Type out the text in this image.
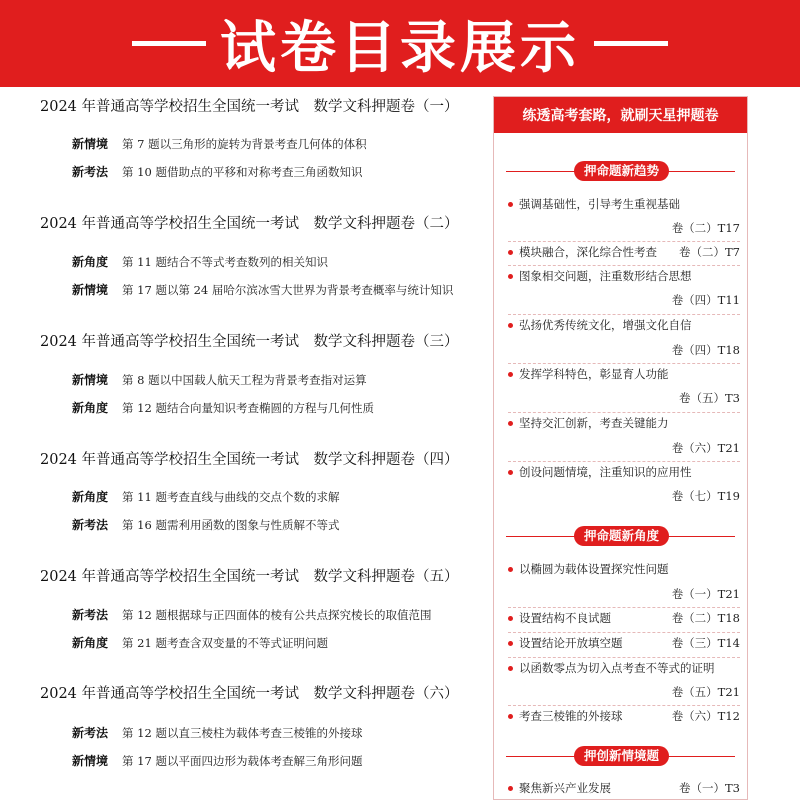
试卷目录展示
2024 年普通高等学校招生全国统一考试　数学文科押题卷（一）
新情境 第 7 题以三角形的旋转为背景考查几何体的体积
新考法 第 10 题借助点的平移和对称考查三角函数知识
2024 年普通高等学校招生全国统一考试　数学文科押题卷（二）
新角度 第 11 题结合不等式考查数列的相关知识
新情境 第 17 题以第 24 届哈尔滨冰雪大世界为背景考查概率与统计知识
2024 年普通高等学校招生全国统一考试　数学文科押题卷（三）
新情境 第 8 题以中国载人航天工程为背景考查指对运算
新角度 第 12 题结合向量知识考查椭圆的方程与几何性质
2024 年普通高等学校招生全国统一考试　数学文科押题卷（四）
新角度 第 11 题考查直线与曲线的交点个数的求解
新考法 第 16 题需利用函数的图象与性质解不等式
2024 年普通高等学校招生全国统一考试　数学文科押题卷（五）
新考法 第 12 题根据球与正四面体的棱有公共点探究棱长的取值范围
新角度 第 21 题考查含双变量的不等式证明问题
2024 年普通高等学校招生全国统一考试　数学文科押题卷（六）
新考法 第 12 题以直三棱柱为载体考查三棱锥的外接球
新情境 第 17 题以平面四边形为载体考查解三角形问题
练透高考套路，就刷天星押题卷
押命题新趋势
强调基础性，引导考生重视基础
卷（二）T17
模块融合，深化综合性考查 卷（二）T7
图象相交问题，注重数形结合思想
卷（四）T11
弘扬优秀传统文化，增强文化自信
卷（四）T18
发挥学科特色，彰显育人功能
卷（五）T3
坚持交汇创新，考查关键能力
卷（六）T21
创设问题情境，注重知识的应用性
卷（七）T19
押命题新角度
以椭圆为载体设置探究性问题
卷（一）T21
设置结构不良试题	卷（二）T18
设置结论开放填空题	卷（三）T14
以函数零点为切入点考查不等式的证明
卷（五）T21
考查三棱锥的外接球	卷（六）T12
押创新情境题
聚焦新兴产业发展	卷（一）T3
